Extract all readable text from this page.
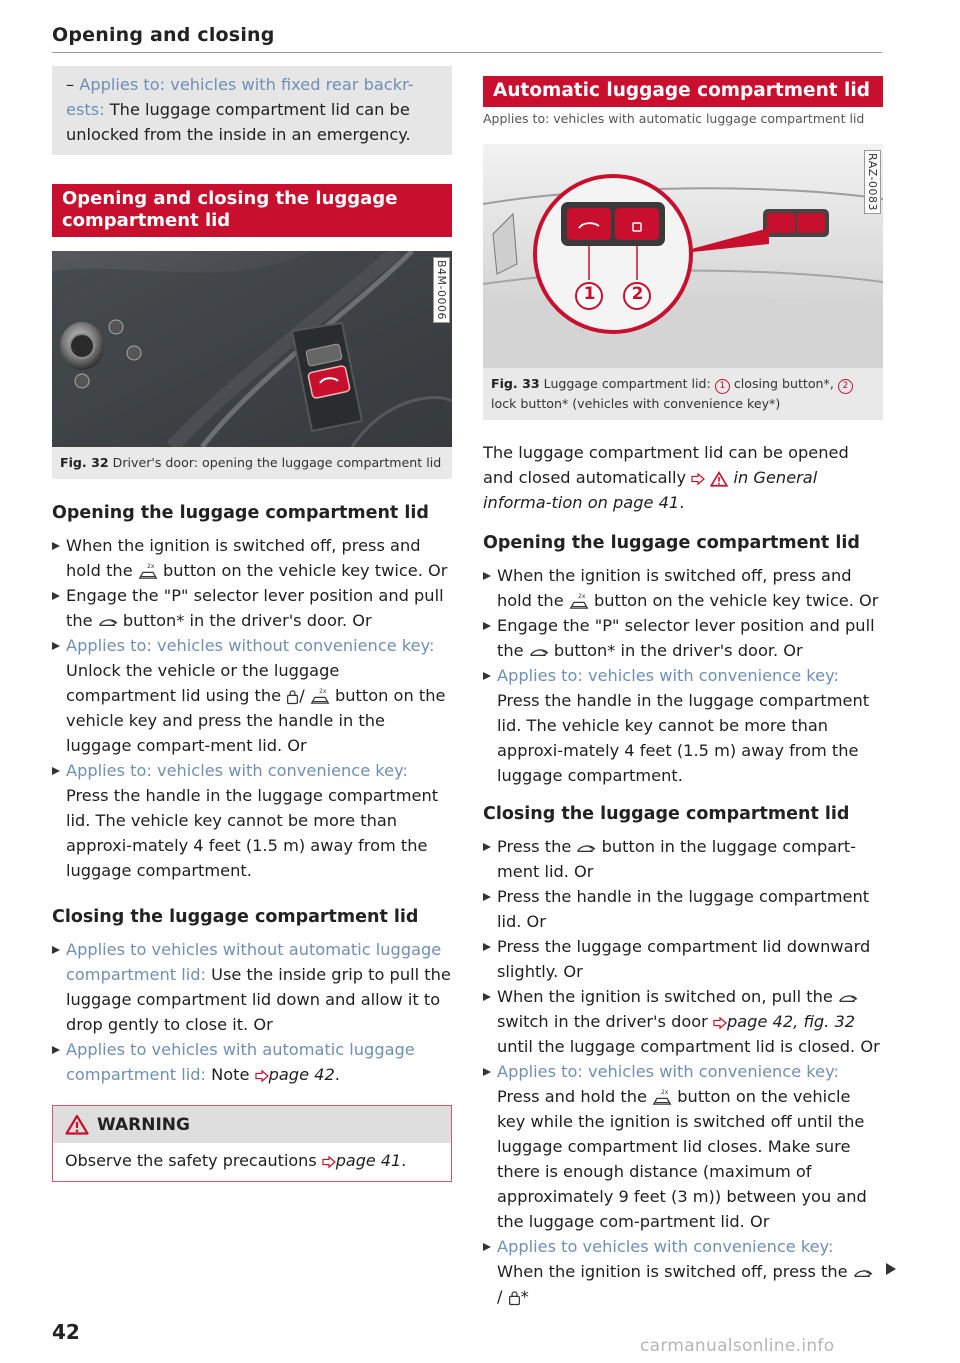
Opening and closing
– Applies to: vehicles with fixed rear backr-ests: The luggage compartment lid can be unlocked from the inside in an emergency.
Opening and closing the luggage
compartment lid
B4M-0006
Fig. 32 Driver's door: opening the luggage compartment lid
Opening the luggage compartment lid
When the ignition is switched off, press and hold the  button on the vehicle key twice. Or
Engage the "P" selector lever position and pull the  button* in the driver's door. Or
Applies to: vehicles without convenience key: Unlock the vehicle or the luggage compartment lid using the /  button on the vehicle key and press the handle in the luggage compart-ment lid. Or
Applies to: vehicles with convenience key: Press the handle in the luggage compartment lid. The vehicle key cannot be more than approxi-mately 4 feet (1.5 m) away from the luggage compartment.
Closing the luggage compartment lid
Applies to vehicles without automatic luggage compartment lid: Use the inside grip to pull the luggage compartment lid down and allow it to drop gently to close it. Or
Applies to vehicles with automatic luggage compartment lid: Note page 42.
WARNING
Observe the safety precautions page 41.
Automatic luggage compartment lid
Applies to: vehicles with automatic luggage compartment lid
1 2
RAZ-0083
Fig. 33 Luggage compartment lid: 1 closing button*, 2 lock button* (vehicles with convenience key*)
The luggage compartment lid can be opened and closed automatically	in General informa-tion on page 41.
Opening the luggage compartment lid
When the ignition is switched off, press and hold the  button on the vehicle key twice. Or
Engage the "P" selector lever position and pull the  button* in the driver's door. Or
Applies to: vehicles with convenience key: Press the handle in the luggage compartment lid. The vehicle key cannot be more than approxi-mately 4 feet (1.5 m) away from the luggage compartment.
Closing the luggage compartment lid
Press the  button in the luggage compart-ment lid. Or
Press the handle in the luggage compartment lid. Or
Press the luggage compartment lid downward slightly. Or
When the ignition is switched on, pull the  switch in the driver's door page 42, fig. 32 until the luggage compartment lid is closed. Or
Applies to: vehicles with convenience key: Press and hold the  button on the vehicle key while the ignition is switched off until the luggage compartment lid closes. Make sure there is enough distance (maximum of approximately 9 feet (3 m)) between you and the luggage com-partment lid. Or
Applies to vehicles with convenience key: When the ignition is switched off, press the  / *
42
carmanualsonline.info
